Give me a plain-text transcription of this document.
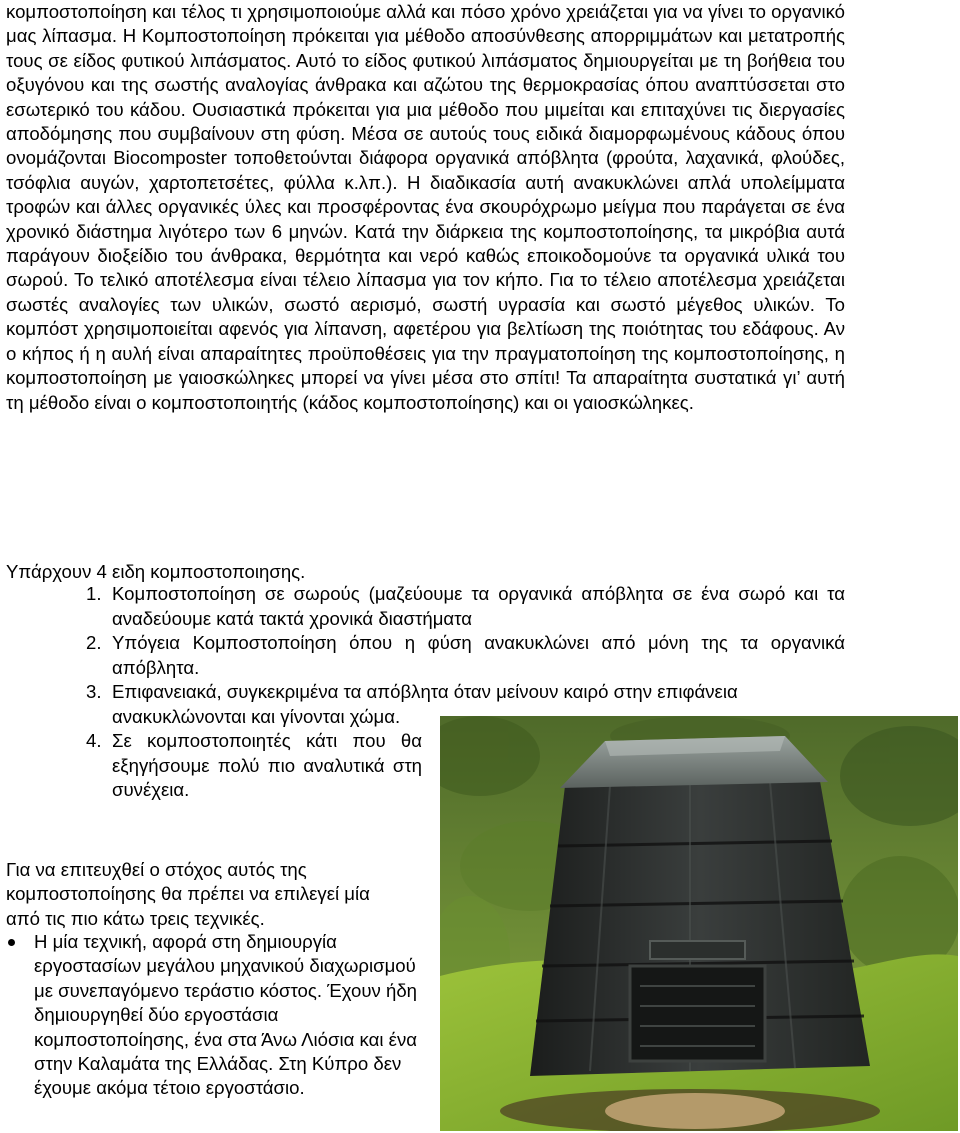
κομποστοποίηση και τέλος τι χρησιμοποιούμε αλλά και πόσο χρόνο χρειάζεται για να γίνει το οργανικό μας λίπασμα. Η Κομποστοποίηση πρόκειται για μέθοδο αποσύνθεσης απορριμμάτων και μετατροπής τους σε είδος φυτικού λιπάσματος. Αυτό το είδος φυτικού λιπάσματος δημιουργείται με τη βοήθεια του οξυγόνου και της σωστής αναλογίας άνθρακα και αζώτου της θερμοκρασίας όπου αναπτύσσεται στο εσωτερικό του κάδου. Ουσιαστικά πρόκειται για μια μέθοδο που μιμείται και επιταχύνει τις διεργασίες αποδόμησης που συμβαίνουν στη φύση. Μέσα σε αυτούς τους ειδικά διαμορφωμένους κάδους όπου ονομάζονται Biocomposter τοποθετούνται διάφορα οργανικά απόβλητα (φρούτα, λαχανικά, φλούδες, τσόφλια αυγών, χαρτοπετσέτες, φύλλα κ.λπ.). Η διαδικασία αυτή ανακυκλώνει απλά υπολείμματα τροφών και άλλες οργανικές ύλες και προσφέροντας ένα σκουρόχρωμο μείγμα που παράγεται σε ένα χρονικό διάστημα λιγότερο των 6 μηνών. Κατά την διάρκεια της κομποστοποίησης, τα μικρόβια αυτά παράγουν διοξείδιο του άνθρακα, θερμότητα και νερό καθώς εποικοδομούνε τα οργανικά υλικά του σωρού. Το τελικό αποτέλεσμα είναι τέλειο λίπασμα για τον κήπο. Για το τέλειο αποτέλεσμα χρειάζεται σωστές αναλογίες των υλικών, σωστό αερισμό, σωστή υγρασία και σωστό μέγεθος υλικών. Το κομπόστ χρησιμοποιείται αφενός για λίπανση, αφετέρου για βελτίωση της ποιότητας του εδάφους. Αν ο κήπος ή η αυλή είναι απαραίτητες προϋποθέσεις για την πραγματοποίηση της κομποστοποίησης, η κομποστοποίηση με γαιοσκώληκες μπορεί να γίνει μέσα στο σπίτι! Τα απαραίτητα συστατικά γι’ αυτή τη μέθοδο είναι ο κομποστοποιητής (κάδος κομποστοποίησης) και οι γαιοσκώληκες.

Υπάρχουν 4 ειδη κομποστοποιησης.

1. Κομποστοποίηση σε σωρούς (μαζεύουμε τα οργανικά απόβλητα σε ένα σωρό και τα αναδεύουμε κατά τακτά χρονικά διαστήματα
2. Υπόγεια Κομποστοποίηση όπου η φύση ανακυκλώνει από μόνη της τα οργανικά απόβλητα.
3. Επιφανειακά, συγκεκριμένα τα απόβλητα όταν μείνουν καιρό στην επιφάνεια
ανακυκλώνονται και γίνονται χώμα.
4. Σε κομποστοποιητές κάτι που θα εξηγήσουμε πολύ πιο αναλυτικά στη συνέχεια.

Για να επιτευχθεί ο στόχος αυτός της κομποστοποίησης θα πρέπει να επιλεγεί μία από τις πιο κάτω τρεις τεχνικές.

Η μία τεχνική, αφορά στη δημιουργία εργοστασίων μεγάλου μηχανικού διαχωρισμού με συνεπαγόμενο τεράστιο κόστος. Έχουν ήδη δημιουργηθεί δύο εργοστάσια κομποστοποίησης, ένα στα Άνω Λιόσια και ένα στην Καλαμάτα της Ελλάδας. Στη Κύπρο δεν έχουμε ακόμα τέτοιο εργοστάσιο.
